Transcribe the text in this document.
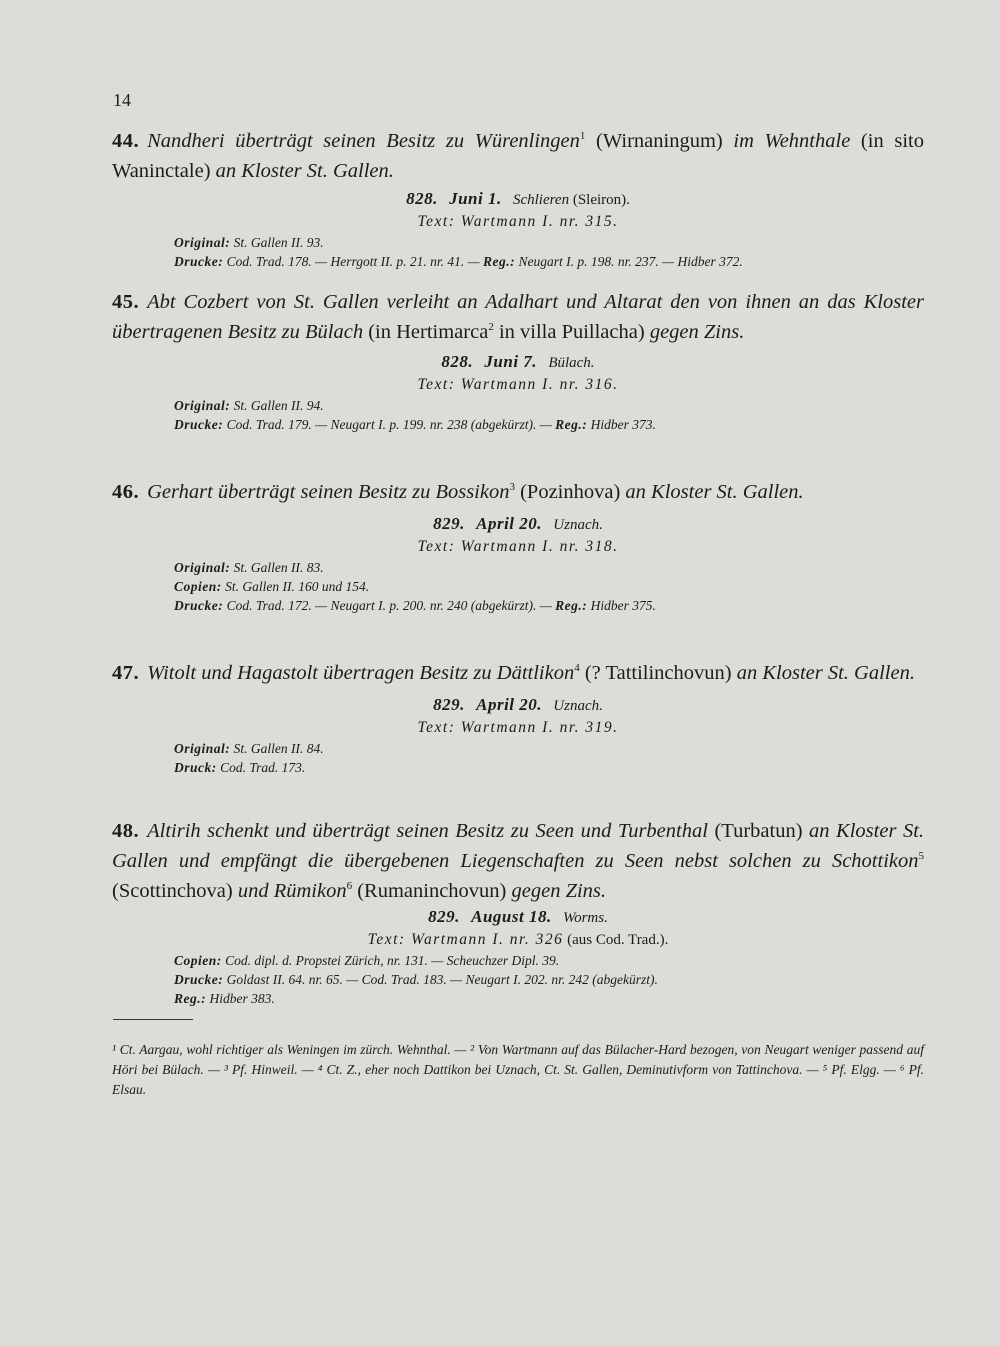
14
44. Nandheri überträgt seinen Besitz zu Würenlingen$^1$ (Wirnaningum) im Wehnthale (in sito Waninctale) an Kloster St. Gallen.
828. Juni 1. Schlieren (Sleiron).
Text: Wartmann I. nr. 315.
Original: St. Gallen II. 93.
Drucke: Cod. Trad. 178. — Herrgott II. p. 21. nr. 41. — Reg.: Neugart I. p. 198. nr. 237. — Hidber 372.
45. Abt Cozbert von St. Gallen verleiht an Adalhart und Altarat den von ihnen an das Kloster übertragenen Besitz zu Bülach (in Hertimarca$^2$ in villa Puillacha) gegen Zins.
828. Juni 7. Bülach.
Text: Wartmann I. nr. 316.
Original: St. Gallen II. 94.
Drucke: Cod. Trad. 179. — Neugart I. p. 199. nr. 238 (abgekürzt). — Reg.: Hidber 373.
46. Gerhart überträgt seinen Besitz zu Bossikon$^3$ (Pozinhova) an Kloster St. Gallen.
829. April 20. Uznach.
Text: Wartmann I. nr. 318.
Original: St. Gallen II. 83.
Copien: St. Gallen II. 160 und 154.
Drucke: Cod. Trad. 172. — Neugart I. p. 200. nr. 240 (abgekürzt). — Reg.: Hidber 375.
47. Witolt und Hagastolt übertragen Besitz zu Dättlikon$^4$ (? Tattilinchovun) an Kloster St. Gallen.
829. April 20. Uznach.
Text: Wartmann I. nr. 319.
Original: St. Gallen II. 84.
Druck: Cod. Trad. 173.
48. Altirih schenkt und überträgt seinen Besitz zu Seen und Turbenthal (Turbatun) an Kloster St. Gallen und empfängt die übergebenen Liegenschaften zu Seen nebst solchen zu Schottikon$^5$ (Scottinchova) und Rümikon$^6$ (Rumaninchovun) gegen Zins.
829. August 18. Worms.
Text: Wartmann I. nr. 326 (aus Cod. Trad.).
Copien: Cod. dipl. d. Propstei Zürich, nr. 131. — Scheuchzer Dipl. 39.
Drucke: Goldast II. 64. nr. 65. — Cod. Trad. 183. — Neugart I. 202. nr. 242 (abgekürzt).
Reg.: Hidber 383.
¹ Ct. Aargau, wohl richtiger als Weningen im zürch. Wehnthal. — ² Von Wartmann auf das Bülacher-Hard bezogen, von Neugart weniger passend auf Höri bei Bülach. — ³ Pf. Hinweil. — ⁴ Ct. Z., eher noch Dattikon bei Uznach, Ct. St. Gallen, Deminutivform von Tattinchova. — ⁵ Pf. Elgg. — ⁶ Pf. Elsau.
